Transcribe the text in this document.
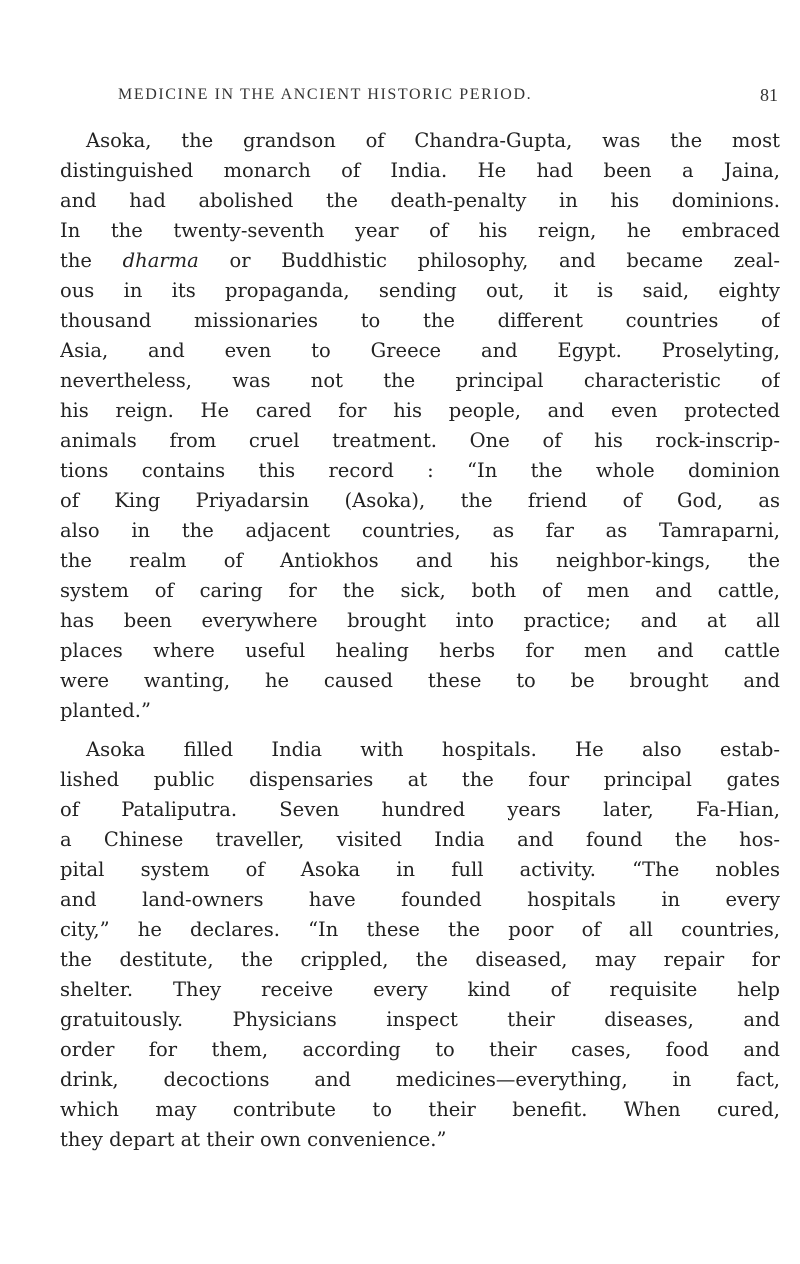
MEDICINE IN THE ANCIENT HISTORIC PERIOD.	81

Asoka, the grandson of Chandra-Gupta, was the most
distinguished monarch of India. He had been a Jaina,
and had abolished the death-penalty in his dominions.
In the twenty-seventh year of his reign, he embraced
the dharma or Buddhistic philosophy, and became zeal-
ous in its propaganda, sending out, it is said, eighty
thousand missionaries to the different countries of
Asia, and even to Greece and Egypt. Proselyting,
nevertheless, was not the principal characteristic of
his reign. He cared for his people, and even protected
animals from cruel treatment. One of his rock-inscrip-
tions contains this record : “In the whole dominion
of King Priyadarsin (Asoka), the friend of God, as
also in the adjacent countries, as far as Tamraparni,
the realm of Antiokhos and his neighbor-kings, the
system of caring for the sick, both of men and cattle,
has been everywhere brought into practice; and at all
places where useful healing herbs for men and cattle
were wanting, he caused these to be brought and
planted.”

Asoka filled India with hospitals. He also estab-
lished public dispensaries at the four principal gates
of Pataliputra. Seven hundred years later, Fa-Hian,
a Chinese traveller, visited India and found the hos-
pital system of Asoka in full activity. “The nobles
and land-owners have founded hospitals in every
city,” he declares. “In these the poor of all countries,
the destitute, the crippled, the diseased, may repair for
shelter. They receive every kind of requisite help
gratuitously. Physicians inspect their diseases, and
order for them, according to their cases, food and
drink, decoctions and medicines—everything, in fact,
which may contribute to their benefit. When cured,
they depart at their own convenience.”
